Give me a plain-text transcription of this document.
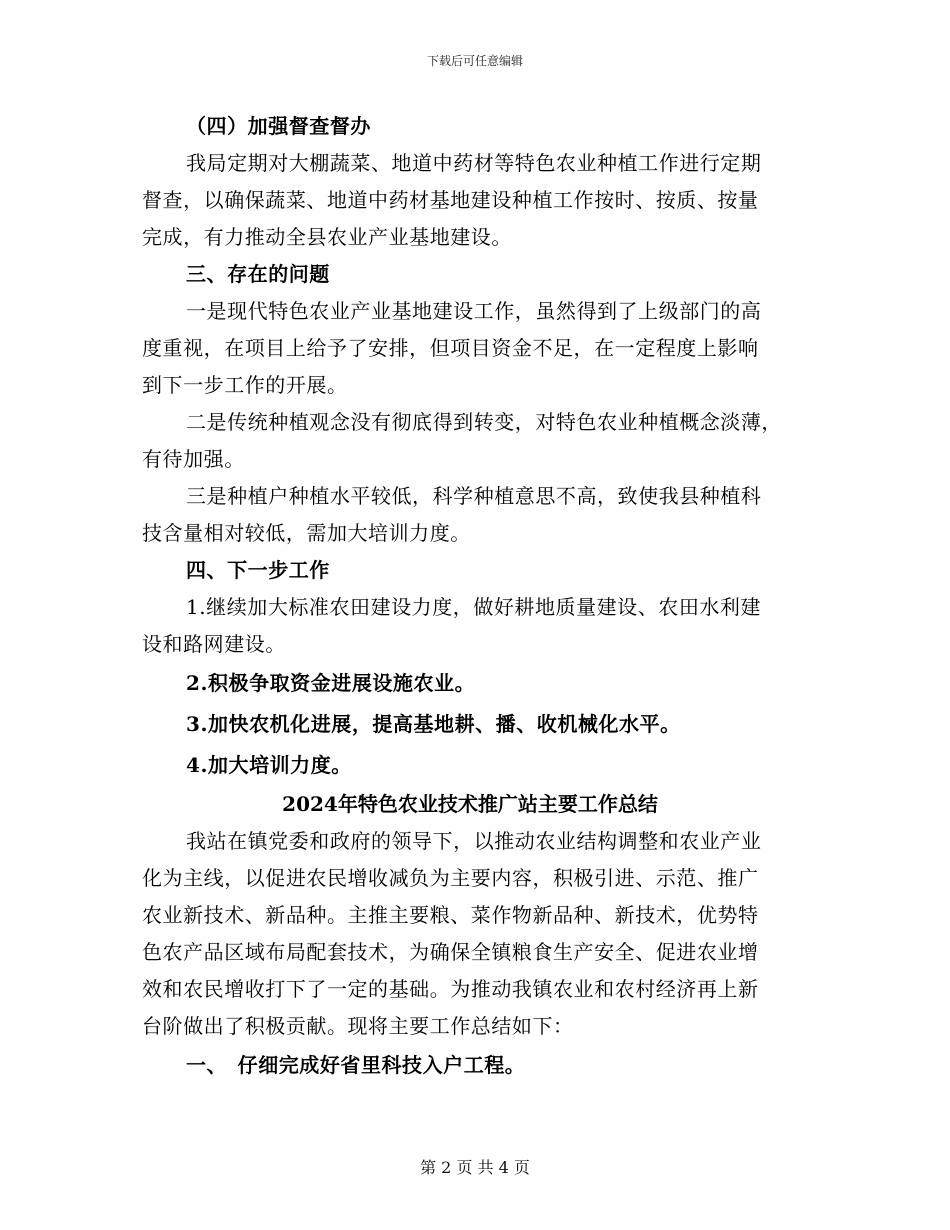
下载后可任意编辑
（四）加强督查督办
我局定期对大棚蔬菜、地道中药材等特色农业种植工作进行定期
督查，以确保蔬菜、地道中药材基地建设种植工作按时、按质、按量
完成，有力推动全县农业产业基地建设。
三、存在的问题
一是现代特色农业产业基地建设工作，虽然得到了上级部门的高
度重视，在项目上给予了安排，但项目资金不足，在一定程度上影响
到下一步工作的开展。
二是传统种植观念没有彻底得到转变，对特色农业种植概念淡薄，
有待加强。
三是种植户种植水平较低，科学种植意思不高，致使我县种植科
技含量相对较低，需加大培训力度。
四、下一步工作
1.继续加大标准农田建设力度，做好耕地质量建设、农田水利建
设和路网建设。
2.积极争取资金进展设施农业。
3.加快农机化进展，提高基地耕、播、收机械化水平。
4.加大培训力度。
2024年特色农业技术推广站主要工作总结
我站在镇党委和政府的领导下，以推动农业结构调整和农业产业
化为主线，以促进农民增收减负为主要内容，积极引进、示范、推广
农业新技术、新品种。主推主要粮、菜作物新品种、新技术，优势特
色农产品区域布局配套技术，为确保全镇粮食生产安全、促进农业增
效和农民增收打下了一定的基础。为推动我镇农业和农村经济再上新
台阶做出了积极贡献。现将主要工作总结如下：
一、　仔细完成好省里科技入户工程。
第 2 页 共 4 页
